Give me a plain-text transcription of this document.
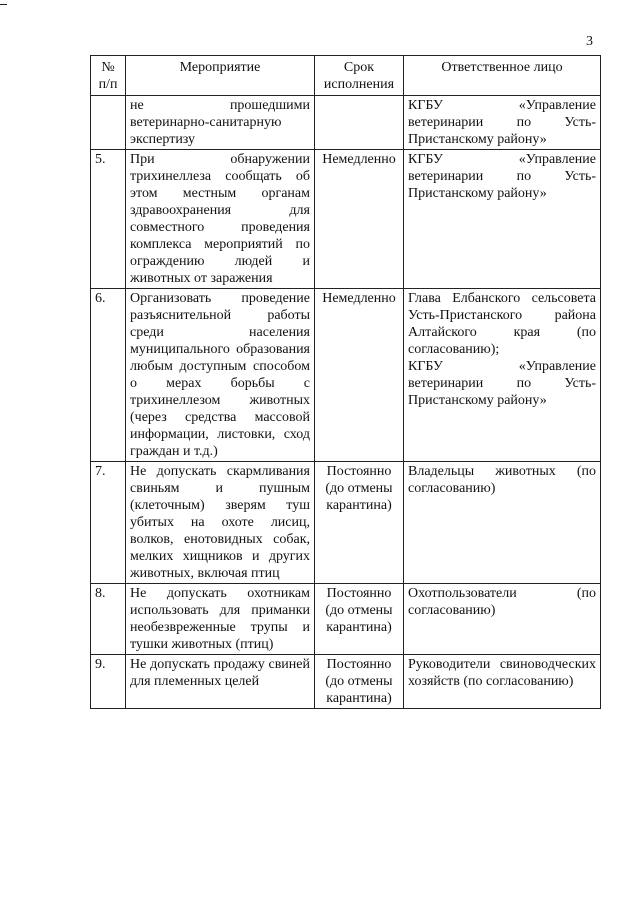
3
№ п/п	Мероприятие	Срок исполнения	Ответственное лицо
	не прошедшими ветеринарно-санитарную экспертизу		КГБУ «Управление ветеринарии по Усть-Пристанскому району»

5.	При обнаружении трихинеллеза сообщать об этом местным органам здравоохранения для совместного проведения комплекса мероприятий по ограждению людей и животных от заражения	Немедленно	КГБУ «Управление ветеринарии по Усть-Пристанскому району»

6.	Организовать проведение разъяснительной работы среди населения муниципального образования любым доступным способом о мерах борьбы с трихинеллезом животных (через средства массовой информации, листовки, сход граждан и т.д.)	Немедленно	Глава Елбанского сельсовета Усть-Пристанского района Алтайского края (по согласованию);
КГБУ «Управление ветеринарии по Усть-Пристанскому району»

7.	Не допускать скармливания свиньям и пушным (клеточным) зверям туш убитых на охоте лисиц, волков, енотовидных собак, мелких хищников и других животных, включая птиц	Постоянно (до отмены карантина)	Владельцы животных (по согласованию)

8.	Не допускать охотникам использовать для приманки необезвреженные трупы и тушки животных (птиц)	Постоянно (до отмены карантина)	Охотпользователи (по согласованию)

9.	Не допускать продажу свиней для племенных целей	Постоянно (до отмены карантина)	Руководители свиноводческих хозяйств (по согласованию)
